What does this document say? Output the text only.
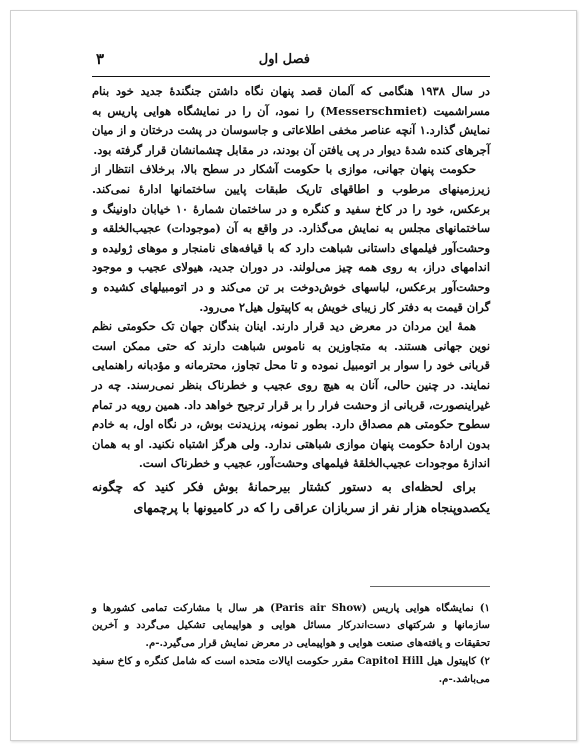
فصل اول
۳

در سال ۱۹۳۸ هنگامی که آلمان قصد پنهان نگاه داشتن جنگندهٔ جدید خود بنام مسراشمیت (Messerschmiet) را نمود، آن را در نمایشگاه هوایی پاریس به نمایش گذارد.۱ آنچه عناصر مخفی اطلاعاتی و جاسوسان در پشت درختان و از میان آجرهای کنده شدهٔ دیوار در پی یافتن آن بودند، در مقابل چشمانشان قرار گرفته بود.

حکومت پنهان جهانی، موازی با حکومت آشکار در سطح بالا، برخلاف انتظار از زیرزمینهای مرطوب و اطاقهای تاریک طبقات پایین ساختمانها ادارهٔ نمی‌کند. برعکس، خود را در کاخ سفید و کنگره و در ساختمان شمارهٔ ۱۰ خیابان داونینگ و ساختمانهای مجلس به نمایش می‌گذارد. در واقع به آن (موجودات) عجیب‌الخلقه و وحشت‌آور فیلمهای داستانی شباهت دارد که با قیافه‌های نامنجار و موهای ژولیده و اندامهای دراز، به روی همه چیز می‌لولند. در دوران جدید، هیولای عجیب و موجود وحشت‌آور برعکس، لباسهای خوش‌دوخت بر تن می‌کند و در اتومبیلهای کشیده و گران قیمت به دفتر کار زیبای خویش به کاپیتول هیل۲ می‌رود.

همهٔ این مردان در معرض دید قرار دارند. اینان بندگان جهان تک حکومتی نظم نوین جهانی هستند. به متجاوزین به ناموس شباهت دارند که حتی ممکن است قربانی خود را سوار بر اتومبیل نموده و تا محل تجاوز، محترمانه و مؤدبانه راهنمایی نمایند. در چنین حالی، آنان به هیچ روی عجیب و خطرناک بنظر نمی‌رسند. چه در غیراینصورت، قربانی از وحشت فرار را بر قرار ترجیح خواهد داد. همین رویه در تمام سطوح حکومتی هم مصداق دارد. بطور نمونه، پرزیدنت بوش، در نگاه اول، به خادم بدون ارادهٔ حکومت پنهان موازی شباهتی ندارد. ولی هرگز اشتباه نکنید. او به همان اندازهٔ موجودات عجیب‌الخلقهٔ فیلمهای وحشت‌آور، عجیب و خطرناک است.

برای لحظه‌ای به دستور کشتار بیرحمانهٔ بوش فکر کنید که چگونه یکصدوپنجاه هزار نفر از سربازان عراقی را که در کامیونها با پرچمهای

۱) نمایشگاه هوایی پاریس (Paris air Show) هر سال با مشارکت تمامی کشورها و سازمانها و شرکتهای دست‌اندرکار مسائل هوایی و هواپیمایی تشکیل می‌گردد و آخرین تحقیقات و یافته‌های صنعت هوایی و هواپیمایی در معرض نمایش قرار می‌گیرد.-م.

۲) کاپیتول هیل Capitol Hill مقرر حکومت ایالات متحده است که شامل کنگره و کاخ سفید می‌باشد.-م.
